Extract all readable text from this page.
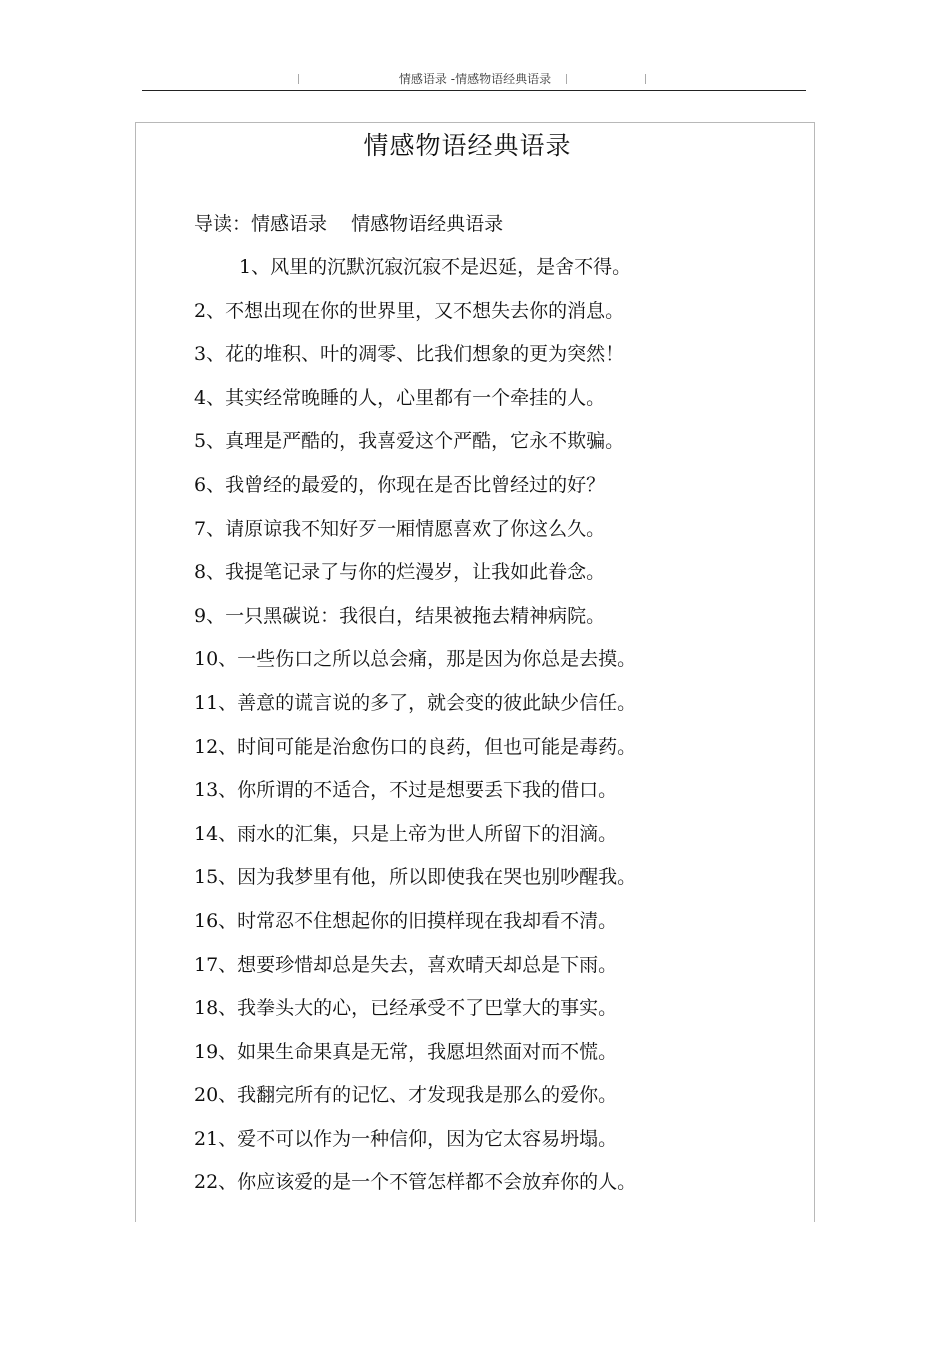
情感语录 -情感物语经典语录
情感物语经典语录
导读：情感语录    情感物语经典语录
1、风里的沉默沉寂沉寂不是迟延，是舍不得。
2、不想出现在你的世界里，又不想失去你的消息。
3、花的堆积、叶的凋零、比我们想象的更为突然！
4、其实经常晚睡的人，心里都有一个牵挂的人。
5、真理是严酷的，我喜爱这个严酷，它永不欺骗。
6、我曾经的最爱的，你现在是否比曾经过的好？
7、请原谅我不知好歹一厢情愿喜欢了你这么久。
8、我提笔记录了与你的烂漫岁，让我如此眷念。
9、一只黑碳说：我很白，结果被拖去精神病院。
10、一些伤口之所以总会痛，那是因为你总是去摸。
11、善意的谎言说的多了，就会变的彼此缺少信任。
12、时间可能是治愈伤口的良药，但也可能是毒药。
13、你所谓的不适合，不过是想要丢下我的借口。
14、雨水的汇集，只是上帝为世人所留下的泪滴。
15、因为我梦里有他，所以即使我在哭也别吵醒我。
16、时常忍不住想起你的旧摸样现在我却看不清。
17、想要珍惜却总是失去，喜欢晴天却总是下雨。
18、我拳头大的心，已经承受不了巴掌大的事实。
19、如果生命果真是无常，我愿坦然面对而不慌。
20、我翻完所有的记忆、才发现我是那么的爱你。
21、爱不可以作为一种信仰，因为它太容易坍塌。
22、你应该爱的是一个不管怎样都不会放弃你的人。
